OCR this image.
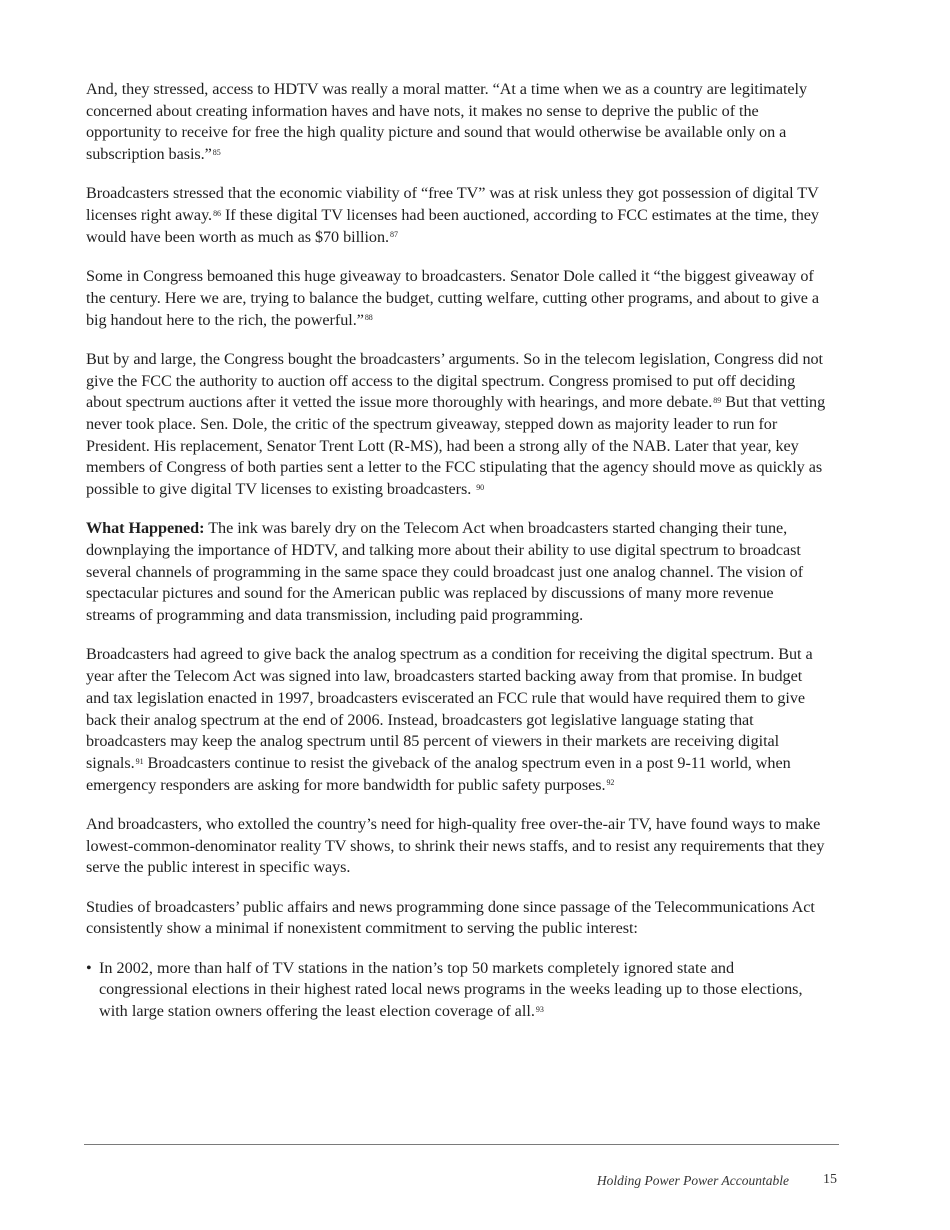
And, they stressed, access to HDTV was really a moral matter. “At a time when we as a country are legitimately concerned about creating information haves and have nots, it makes no sense to deprive the public of the opportunity to receive for free the high quality picture and sound that would otherwise be available only on a subscription basis.”$^{85}$

Broadcasters stressed that the economic viability of “free TV” was at risk unless they got possession of digital TV licenses right away.$^{86}$ If these digital TV licenses had been auctioned, according to FCC estimates at the time, they would have been worth as much as $70 billion.$^{87}$

Some in Congress bemoaned this huge giveaway to broadcasters. Senator Dole called it “the biggest giveaway of the century. Here we are, trying to balance the budget, cutting welfare, cutting other programs, and about to give a big handout here to the rich, the powerful.”$^{88}$

But by and large, the Congress bought the broadcasters’ arguments. So in the telecom legislation, Congress did not give the FCC the authority to auction off access to the digital spectrum. Congress promised to put off deciding about spectrum auctions after it vetted the issue more thoroughly with hearings, and more debate.$^{89}$ But that vetting never took place. Sen. Dole, the critic of the spectrum giveaway, stepped down as majority leader to run for President. His replacement, Senator Trent Lott (R-MS), had been a strong ally of the NAB. Later that year, key members of Congress of both parties sent a letter to the FCC stipulating that the agency should move as quickly as possible to give digital TV licenses to existing broadcasters. $^{90}$

What Happened: The ink was barely dry on the Telecom Act when broadcasters started changing their tune, downplaying the importance of HDTV, and talking more about their ability to use digital spectrum to broadcast several channels of programming in the same space they could broadcast just one analog channel. The vision of spectacular pictures and sound for the American public was replaced by discussions of many more revenue streams of programming and data transmission, including paid programming.

Broadcasters had agreed to give back the analog spectrum as a condition for receiving the digital spectrum. But a year after the Telecom Act was signed into law, broadcasters started backing away from that promise. In budget and tax legislation enacted in 1997, broadcasters eviscerated an FCC rule that would have required them to give back their analog spectrum at the end of 2006. Instead, broadcasters got legislative language stating that broadcasters may keep the analog spectrum until 85 percent of viewers in their markets are receiving digital signals.$^{91}$ Broadcasters continue to resist the giveback of the analog spectrum even in a post 9-11 world, when emergency responders are asking for more bandwidth for public safety purposes.$^{92}$

And broadcasters, who extolled the country’s need for high-quality free over-the-air TV, have found ways to make lowest-common-denominator reality TV shows, to shrink their news staffs, and to resist any requirements that they serve the public interest in specific ways.

Studies of broadcasters’ public affairs and news programming done since passage of the Telecommunications Act consistently show a minimal if nonexistent commitment to serving the public interest:

• In 2002, more than half of TV stations in the nation’s top 50 markets completely ignored state and congressional elections in their highest rated local news programs in the weeks leading up to those elections, with large station owners offering the least election coverage of all.$^{93}$
Holding Power Power Accountable 15
